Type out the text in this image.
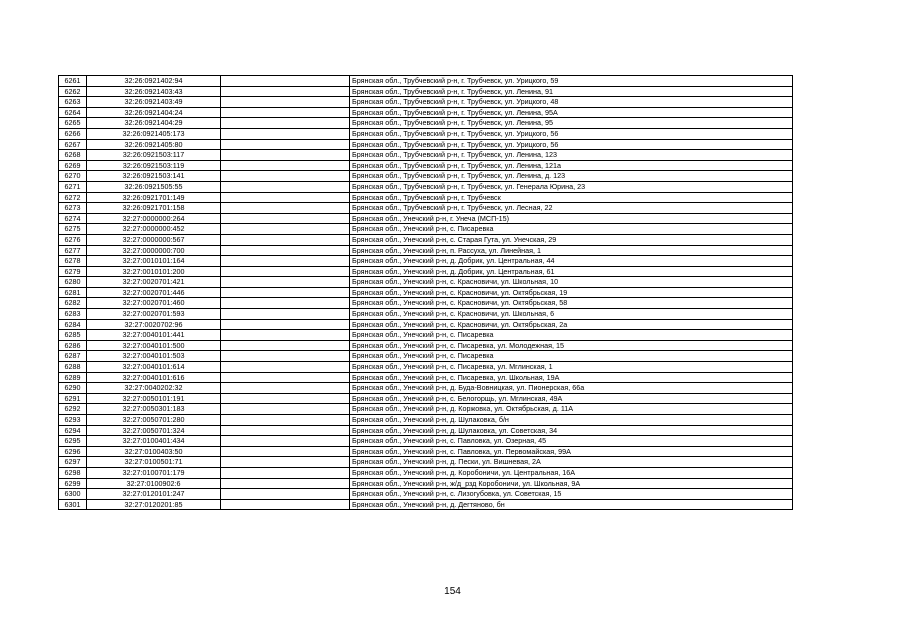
6261	32:26:0921402:94		Брянская обл., Трубчевский р-н, г. Трубчевск, ул. Урицкого, 59
6262	32:26:0921403:43		Брянская обл., Трубчевский р-н, г. Трубчевск, ул. Ленина, 91
6263	32:26:0921403:49		Брянская обл., Трубчевский р-н, г. Трубчевск, ул. Урицкого, 48
6264	32:26:0921404:24		Брянская обл., Трубчевский р-н, г. Трубчевск, ул. Ленина, 95А
6265	32:26:0921404:29		Брянская обл., Трубчевский р-н, г. Трубчевск, ул. Ленина, 95
6266	32:26:0921405:173		Брянская обл., Трубчевский р-н, г. Трубчевск, ул. Урицкого, 56
6267	32:26:0921405:80		Брянская обл., Трубчевский р-н, г. Трубчевск, ул. Урицкого, 56
6268	32:26:0921503:117		Брянская обл., Трубчевский р-н, г. Трубчевск, ул. Ленина, 123
6269	32:26:0921503:119		Брянская обл., Трубчевский р-н, г. Трубчевск, ул. Ленина, 121а
6270	32:26:0921503:141		Брянская обл., Трубчевский р-н, г. Трубчевск, ул. Ленина, д. 123
6271	32:26:0921505:55		Брянская обл., Трубчевский р-н, г. Трубчевск, ул. Генерала Юрина, 23
6272	32:26:0921701:149		Брянская обл., Трубчевский р-н, г. Трубчевск
6273	32:26:0921701:158		Брянская обл., Трубчевский р-н, г. Трубчевск, ул. Лесная, 22
6274	32:27:0000000:264		Брянская обл., Унечский р-н, г. Унеча (МСП-15)
6275	32:27:0000000:452		Брянская обл., Унечский р-н, с. Писаревка
6276	32:27:0000000:567		Брянская обл., Унечский р-н, с. Старая Гута, ул. Унечская, 29
6277	32:27:0000000:700		Брянская обл., Унечский р-н, п. Рассуха, ул. Линейная, 1
6278	32:27:0010101:164		Брянская обл., Унечский р-н, д. Добрик, ул. Центральная, 44
6279	32:27:0010101:200		Брянская обл., Унечский р-н, д. Добрик, ул. Центральная, 61
6280	32:27:0020701:421		Брянская обл., Унечский р-н, с. Красновичи, ул. Школьная, 10
6281	32:27:0020701:446		Брянская обл., Унечский р-н, с. Красновичи, ул. Октябрьская, 19
6282	32:27:0020701:460		Брянская обл., Унечский р-н, с. Красновичи, ул. Октябрьская, 58
6283	32:27:0020701:593		Брянская обл., Унечский р-н, с. Красновичи, ул. Школьная, 6
6284	32:27:0020702:96		Брянская обл., Унечский р-н, с. Красновичи, ул. Октябрьская, 2а
6285	32:27:0040101:441		Брянская обл., Унечский р-н, с. Писаревка
6286	32:27:0040101:500		Брянская обл., Унечский р-н, с. Писаревка, ул. Молодежная, 15
6287	32:27:0040101:503		Брянская обл., Унечский р-н, с. Писаревка
6288	32:27:0040101:614		Брянская обл., Унечский р-н, с. Писаревка, ул. Мглинская, 1
6289	32:27:0040101:616		Брянская обл., Унечский р-н, с. Писаревка, ул. Школьная, 19А
6290	32:27:0040202:32		Брянская обл., Унечский р-н, д. Буда-Вовницкая, ул. Пионерская, 66а
6291	32:27:0050101:191		Брянская обл., Унечский р-н, с. Белогорщь, ул. Мглинская, 49А
6292	32:27:0050301:183		Брянская обл., Унечский р-н, д. Коржовка, ул. Октябрьская, д. 11А
6293	32:27:0050701:280		Брянская обл., Унечский р-н, д. Шулаковка, б/н
6294	32:27:0050701:324		Брянская обл., Унечский р-н, д. Шулаковка, ул. Советская, 34
6295	32:27:0100401:434		Брянская обл., Унечский р-н, с. Павловка, ул. Озерная, 45
6296	32:27:0100403:50		Брянская обл., Унечский р-н, с. Павловка, ул. Первомайская, 99А
6297	32:27:0100501:71		Брянская обл., Унечский р-н, д. Пески, ул. Вишневая, 2А
6298	32:27:0100701:179		Брянская обл., Унечский р-н, д. Коробоничи, ул. Центральная, 16А
6299	32:27:0100902:6		Брянская обл., Унечский р-н, ж/д_рзд Коробоничи, ул. Школьная, 9А
6300	32:27:0120101:247		Брянская обл., Унечский р-н, с. Лизогубовка, ул. Советская, 15
6301	32:27:0120201:85		Брянская обл., Унечский р-н, д. Дегтяново, бн
154
